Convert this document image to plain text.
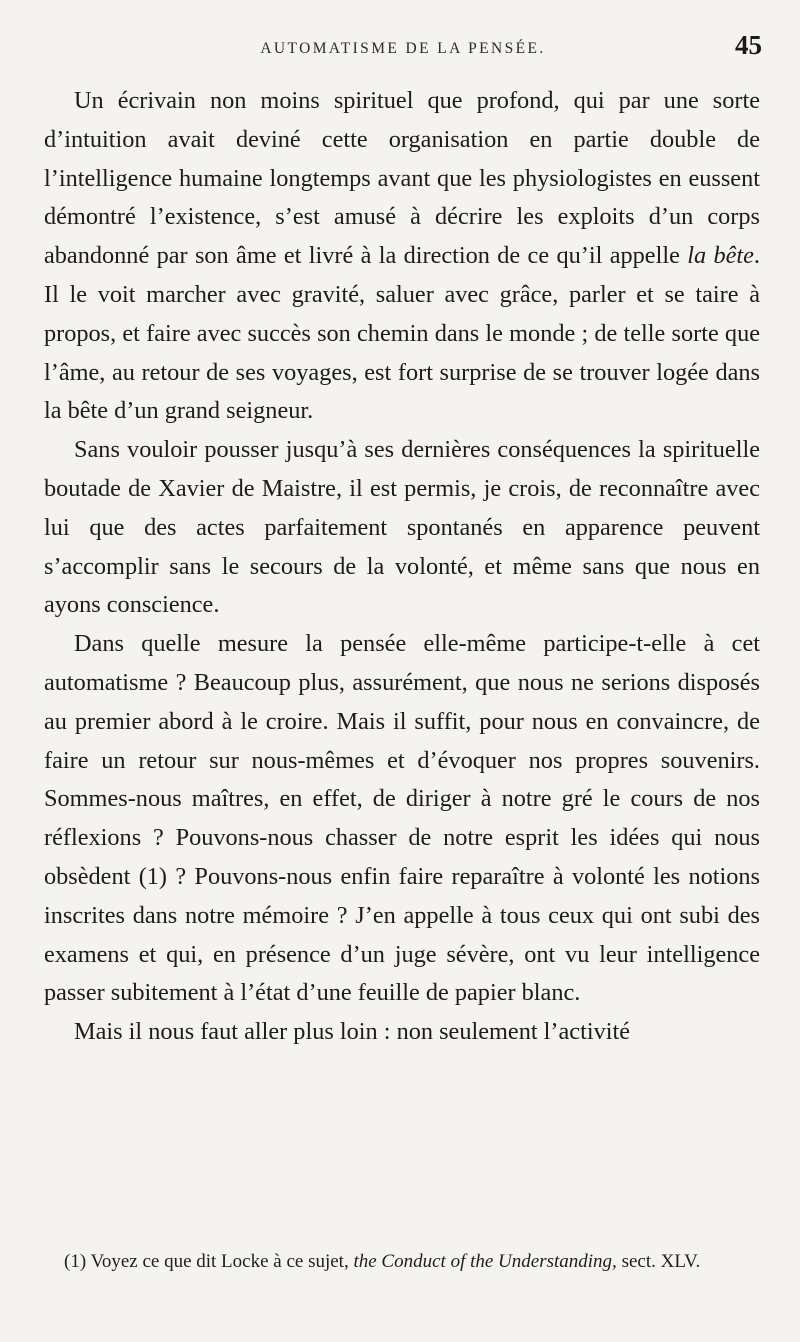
AUTOMATISME DE LA PENSÉE.	45

Un écrivain non moins spirituel que profond, qui par une sorte d’intuition avait deviné cette organisation en partie double de l’intelligence humaine longtemps avant que les physiologistes en eussent démontré l’existence, s’est amusé à décrire les exploits d’un corps abandonné par son âme et livré à la direction de ce qu’il appelle la bête. Il le voit marcher avec gravité, saluer avec grâce, parler et se taire à propos, et faire avec succès son chemin dans le monde ; de telle sorte que l’âme, au retour de ses voyages, est fort surprise de se trouver logée dans la bête d’un grand seigneur.

Sans vouloir pousser jusqu’à ses dernières conséquences la spirituelle boutade de Xavier de Maistre, il est permis, je crois, de reconnaître avec lui que des actes parfaitement spontanés en apparence peuvent s’accomplir sans le secours de la volonté, et même sans que nous en ayons conscience.

Dans quelle mesure la pensée elle-même participe-t-elle à cet automatisme ? Beaucoup plus, assurément, que nous ne serions disposés au premier abord à le croire. Mais il suffit, pour nous en convaincre, de faire un retour sur nous-mêmes et d’évoquer nos propres souvenirs. Sommes-nous maîtres, en effet, de diriger à notre gré le cours de nos réflexions ? Pouvons-nous chasser de notre esprit les idées qui nous obsèdent (1) ? Pouvons-nous enfin faire reparaître à volonté les notions inscrites dans notre mémoire ? J’en appelle à tous ceux qui ont subi des examens et qui, en présence d’un juge sévère, ont vu leur intelligence passer subitement à l’état d’une feuille de papier blanc.

Mais il nous faut aller plus loin : non seulement l’activité

(1) Voyez ce que dit Locke à ce sujet, the Conduct of the Understanding, sect. XLV.
